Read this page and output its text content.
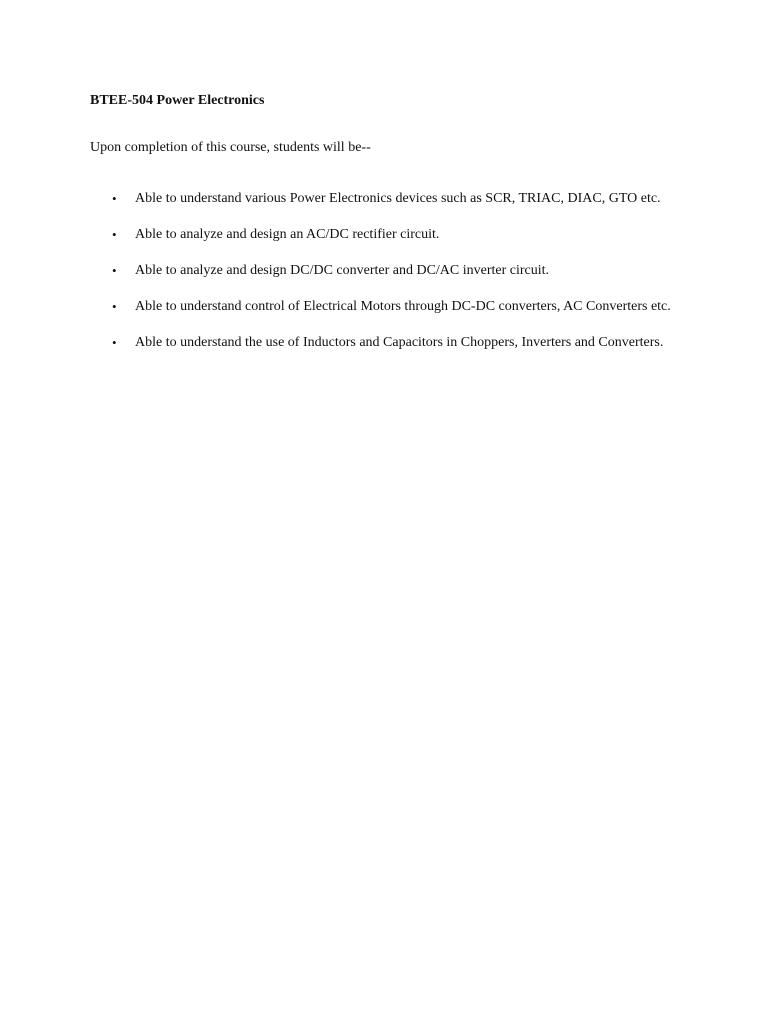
BTEE-504 Power Electronics

Upon completion of this course, students will be--

• Able to understand various Power Electronics devices such as SCR, TRIAC, DIAC, GTO etc.
• Able to analyze and design an AC/DC rectifier circuit.
• Able to analyze and design DC/DC converter and DC/AC inverter circuit.
• Able to understand control of Electrical Motors through DC-DC converters, AC Converters etc.
• Able to understand the use of Inductors and Capacitors in Choppers, Inverters and Converters.
